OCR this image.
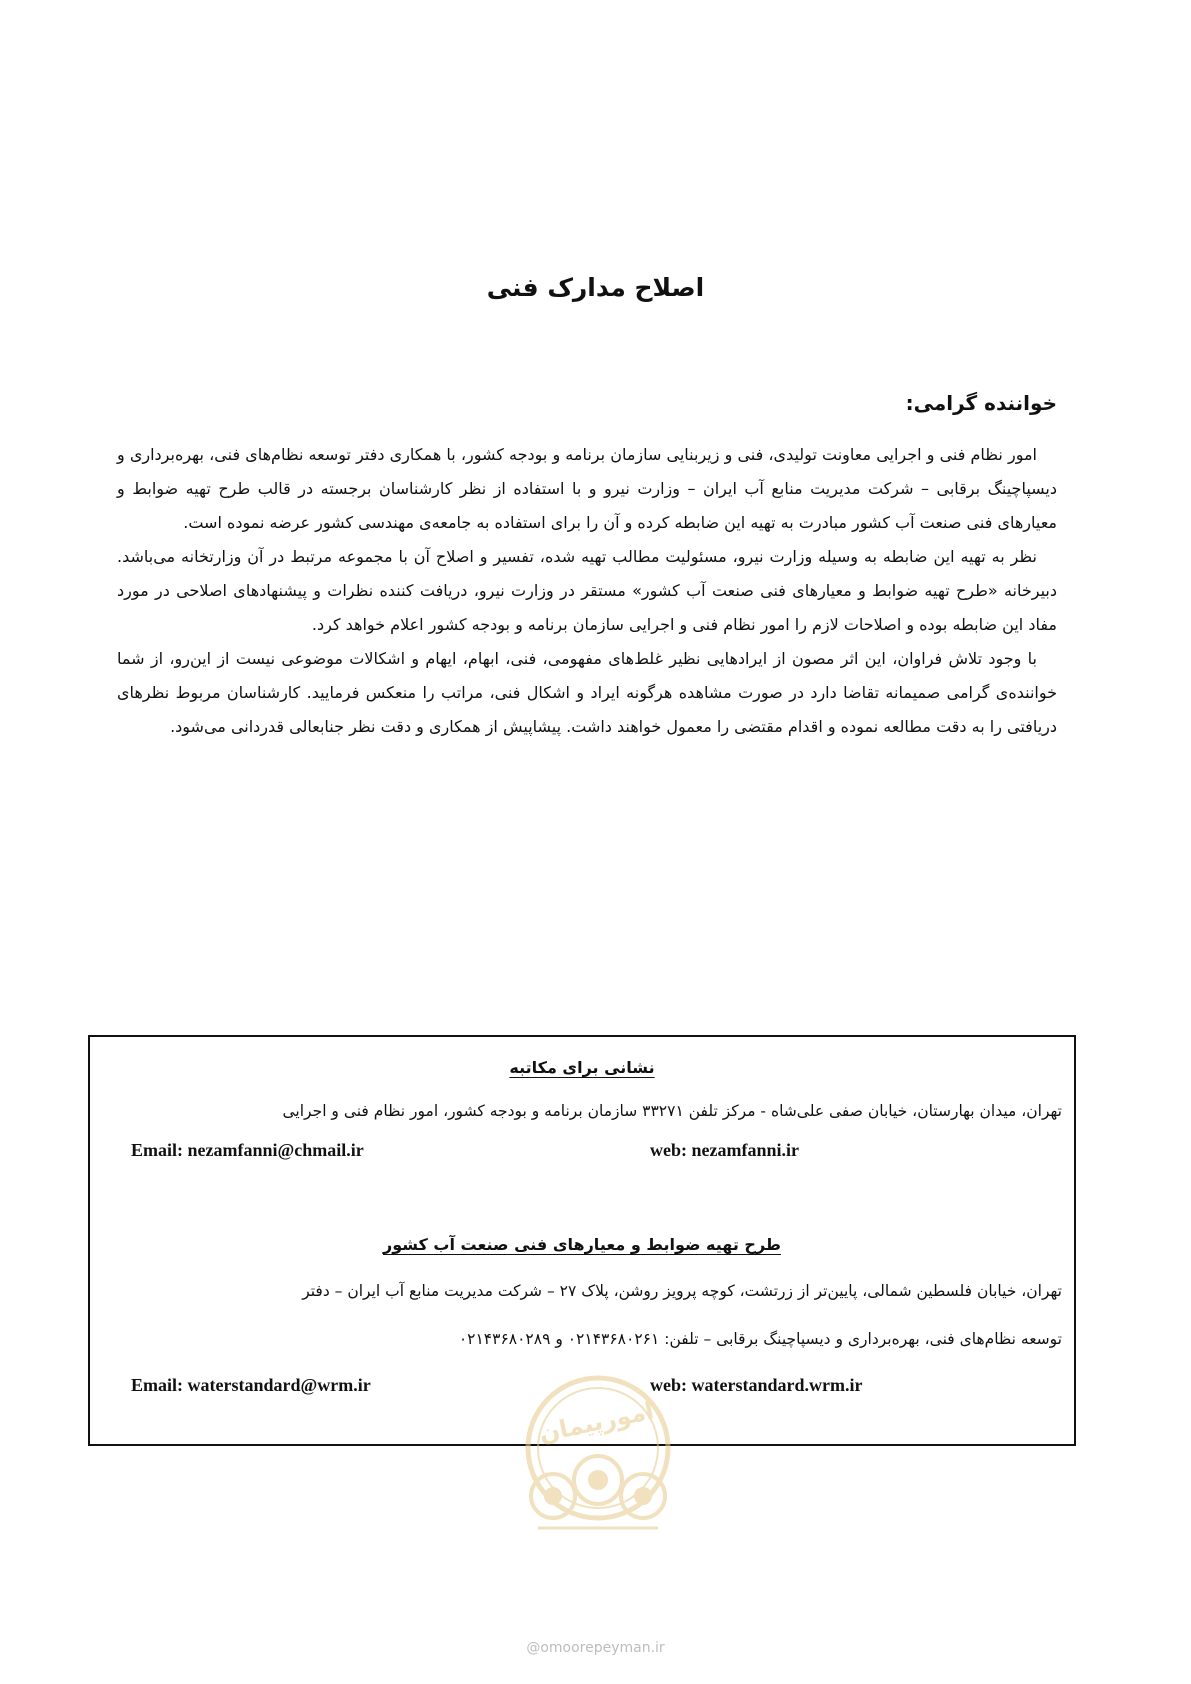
اصلاح مدارک فنی
خواننده گرامی:

امور نظام فنی و اجرایی معاونت تولیدی، فنی و زیربنایی سازمان برنامه و بودجه کشور، با همکاری دفتر توسعه نظام‌های فنی، بهره‌برداری و دیسپاچینگ برقابی – شرکت مدیریت منابع آب ایران – وزارت نیرو و با استفاده از نظر کارشناسان برجسته در قالب طرح تهیه ضوابط و معیارهای فنی صنعت آب کشور مبادرت به تهیه این ضابطه کرده و آن را برای استفاده به جامعه‌ی مهندسی کشور عرضه نموده است.

نظر به تهیه این ضابطه به وسیله وزارت نیرو، مسئولیت مطالب تهیه شده، تفسیر و اصلاح آن با مجموعه مرتبط در آن وزارتخانه می‌باشد. دبیرخانه «طرح تهیه ضوابط و معیارهای فنی صنعت آب کشور» مستقر در وزارت نیرو، دریافت کننده نظرات و پیشنهادهای اصلاحی در مورد مفاد این ضابطه بوده و اصلاحات لازم را امور نظام فنی و اجرایی سازمان برنامه و بودجه کشور اعلام خواهد کرد.

با وجود تلاش فراوان، این اثر مصون از ایرادهایی نظیر غلط‌های مفهومی، فنی، ابهام، ایهام و اشکالات موضوعی نیست از این‌رو، از شما خواننده‌ی گرامی صمیمانه تقاضا دارد در صورت مشاهده هرگونه ایراد و اشکال فنی، مراتب را منعکس فرمایید. کارشناسان مربوط نظرهای دریافتی را به دقت مطالعه نموده و اقدام مقتضی را معمول خواهند داشت. پیشاپیش از همکاری و دقت نظر جنابعالی قدردانی می‌شود.

نشانی برای مکاتبه
تهران، میدان بهارستان، خیابان صفی علی‌شاه - مرکز تلفن ۳۳۲۷۱ سازمان برنامه و بودجه کشور، امور نظام فنی و اجرایی
Email: nezamfanni@chmail.ir	web: nezamfanni.ir
طرح تهیه ضوابط و معیارهای فنی صنعت آب کشور
تهران، خیابان فلسطین شمالی، پایین‌تر از زرتشت، کوچه پرویز روشن، پلاک ۲۷ – شرکت مدیریت منابع آب ایران – دفتر
توسعه نظام‌های فنی، بهره‌برداری و دیسپاچینگ برقابی – تلفن: ۰۲۱۴۳۶۸۰۲۶۱ و ۰۲۱۴۳۶۸۰۲۸۹
Email: waterstandard@wrm.ir	web: waterstandard.wrm.ir
امورپیمان
@omoorepeyman.ir
